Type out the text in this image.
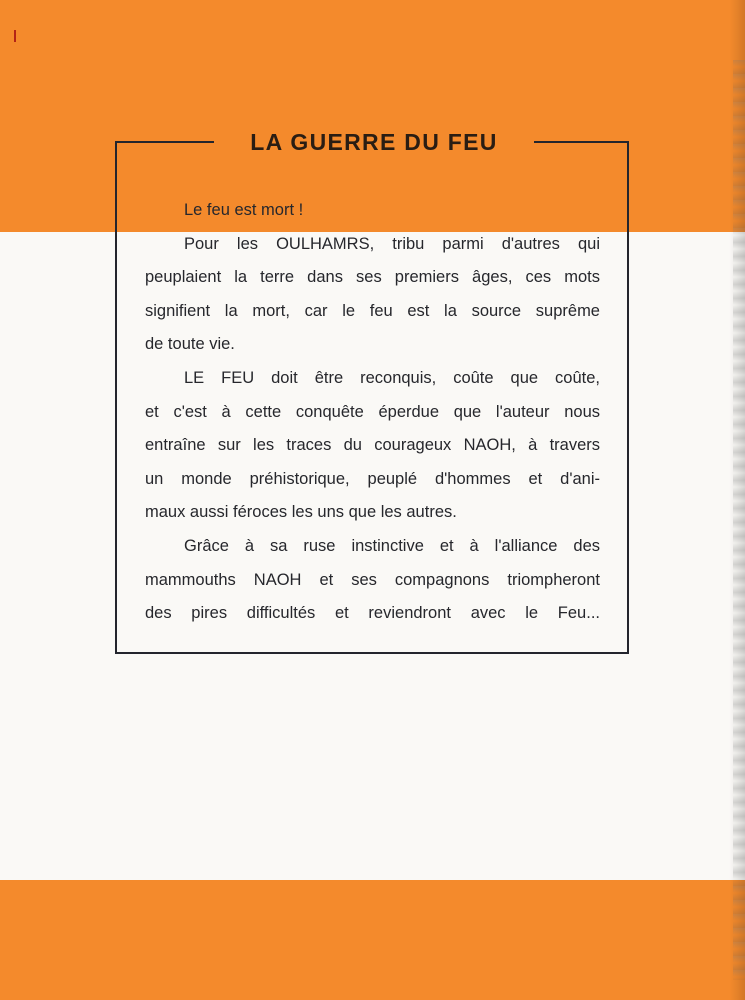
LA GUERRE DU FEU
Le feu est mort !
Pour les OULHAMRS, tribu parmi d'autres qui
peuplaient la terre dans ses premiers âges, ces mots
signifient la mort, car le feu est la source suprême
de toute vie.
LE FEU doit être reconquis, coûte que coûte,
et c'est à cette conquête éperdue que l'auteur nous
entraîne sur les traces du courageux NAOH, à travers
un monde préhistorique, peuplé d'hommes et d'ani-
maux aussi féroces les uns que les autres.
Grâce à sa ruse instinctive et à l'alliance des
mammouths NAOH et ses compagnons triompheront
des pires difficultés et reviendront avec le Feu...
